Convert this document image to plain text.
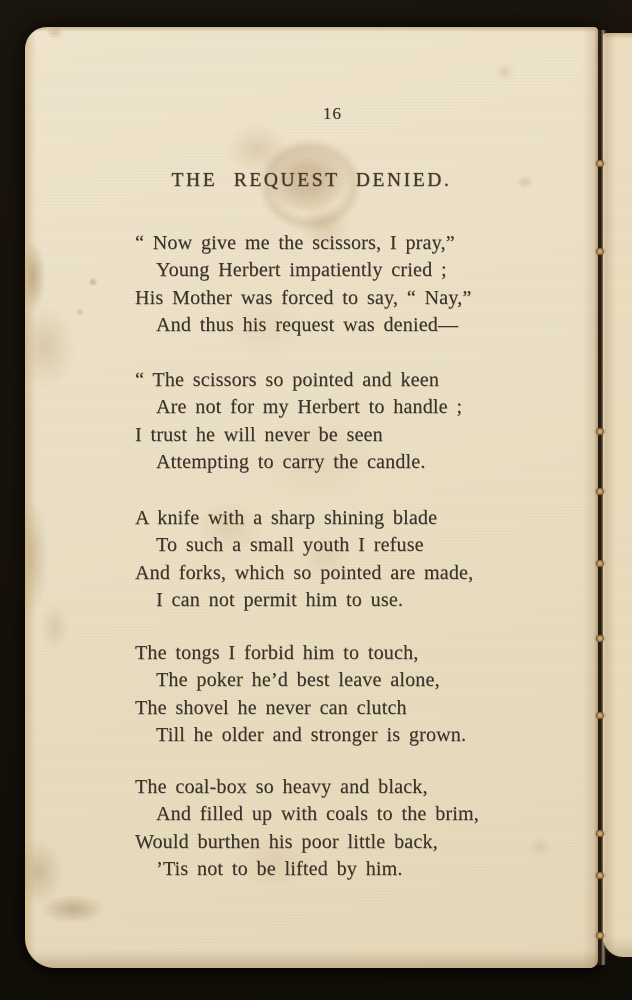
16
THE REQUEST DENIED.
“ Now give me the scissors, I pray,”
Young Herbert impatiently cried ;
His Mother was forced to say, “ Nay,”
And thus his request was denied—
“ The scissors so pointed and keen
Are not for my Herbert to handle ;
I trust he will never be seen
Attempting to carry the candle.
A knife with a sharp shining blade
To such a small youth I refuse
And forks, which so pointed are made,
I can not permit him to use.
The tongs I forbid him to touch,
The poker he’d best leave alone,
The shovel he never can clutch
Till he older and stronger is grown.
The coal-box so heavy and black,
And filled up with coals to the brim,
Would burthen his poor little back,
’Tis not to be lifted by him.
